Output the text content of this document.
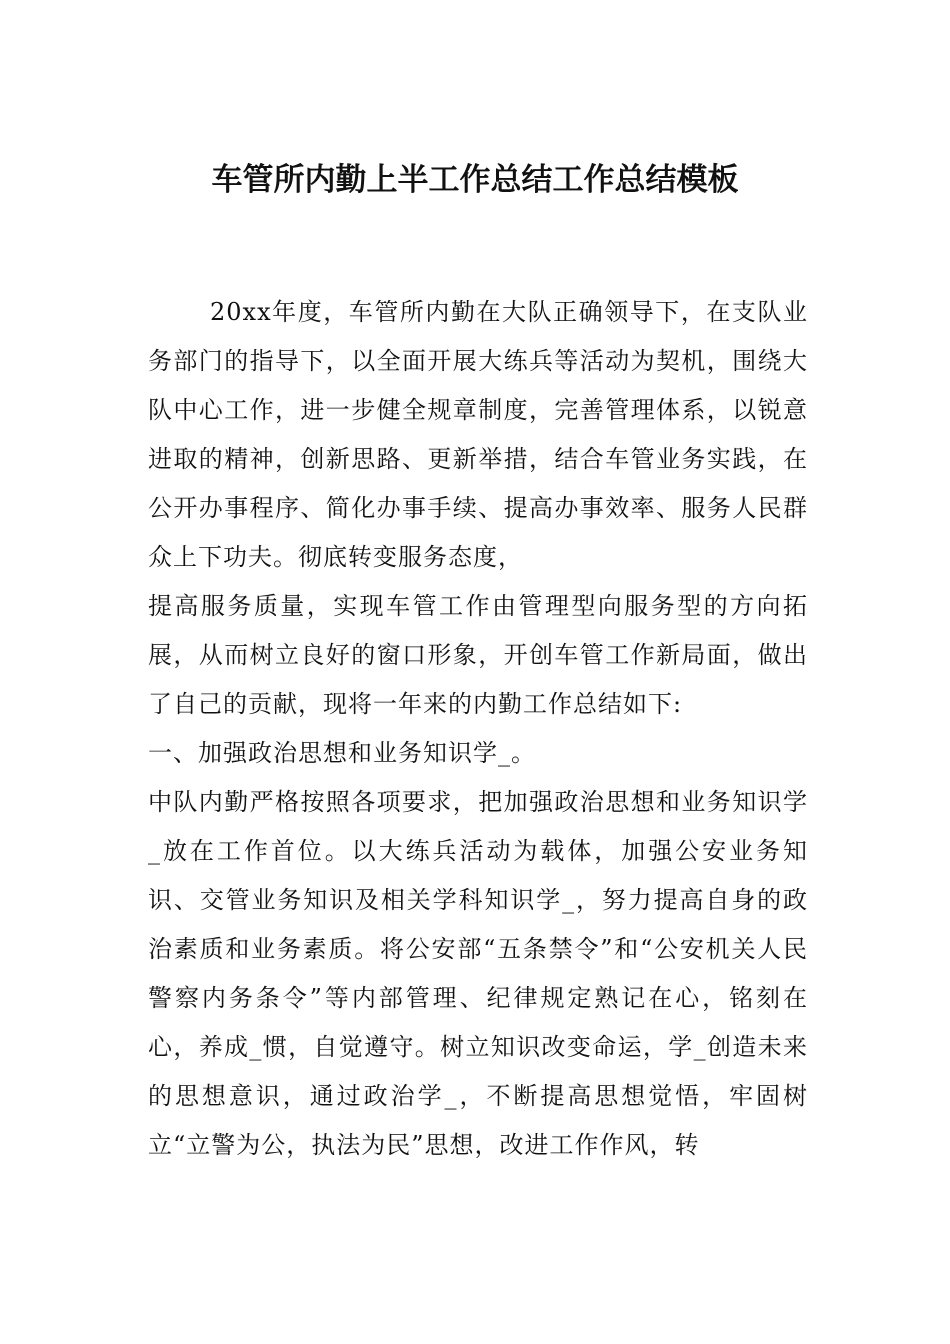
车管所内勤上半工作总结工作总结模板

20xx年度，车管所内勤在大队正确领导下，在支队业务部门的指导下，以全面开展大练兵等活动为契机，围绕大队中心工作，进一步健全规章制度，完善管理体系，以锐意进取的精神，创新思路、更新举措，结合车管业务实践，在公开办事程序、简化办事手续、提高办事效率、服务人民群众上下功夫。彻底转变服务态度，

提高服务质量，实现车管工作由管理型向服务型的方向拓展，从而树立良好的窗口形象，开创车管工作新局面，做出了自己的贡献，现将一年来的内勤工作总结如下:

一、加强政治思想和业务知识学_。

中队内勤严格按照各项要求，把加强政治思想和业务知识学_放在工作首位。以大练兵活动为载体，加强公安业务知识、交管业务知识及相关学科知识学_，努力提高自身的政治素质和业务素质。将公安部“五条禁令”和“公安机关人民警察内务条令”等内部管理、纪律规定熟记在心，铭刻在心，养成_惯，自觉遵守。树立知识改变命运，学_创造未来的思想意识，通过政治学_，不断提高思想觉悟，牢固树立“立警为公，执法为民”思想，改进工作作风，转
